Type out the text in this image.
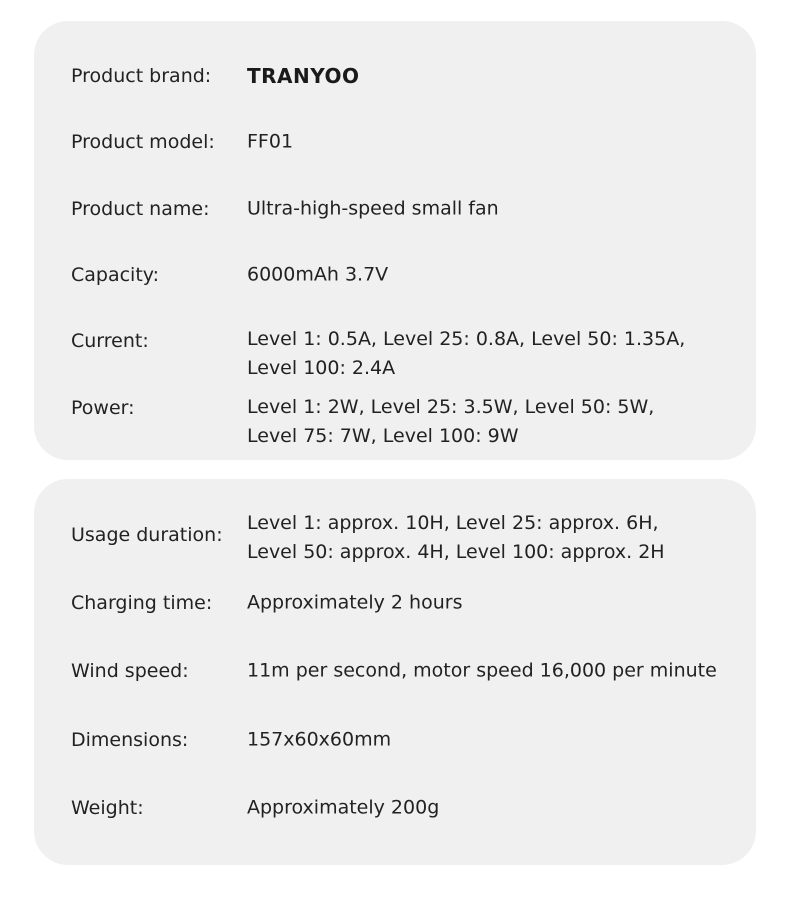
Product brand: TRANYOO
Product model: FF01
Product name: Ultra-high-speed small fan
Capacity:	6000mAh 3.7V
Current:	Level 1: 0.5A, Level 25: 0.8A, Level 50: 1.35A,
Level 100: 2.4A
Power:	Level 1: 2W, Level 25: 3.5W, Level 50: 5W,
Level 75: 7W, Level 100: 9W
Usage duration:
Level 1: approx. 10H, Level 25: approx. 6H,
Level 50: approx. 4H, Level 100: approx. 2H
Charging time: Approximately 2 hours
Wind speed:	11m per second, motor speed 16,000 per minute
Dimensions:	157x60x60mm
Weight:	Approximately 200g
